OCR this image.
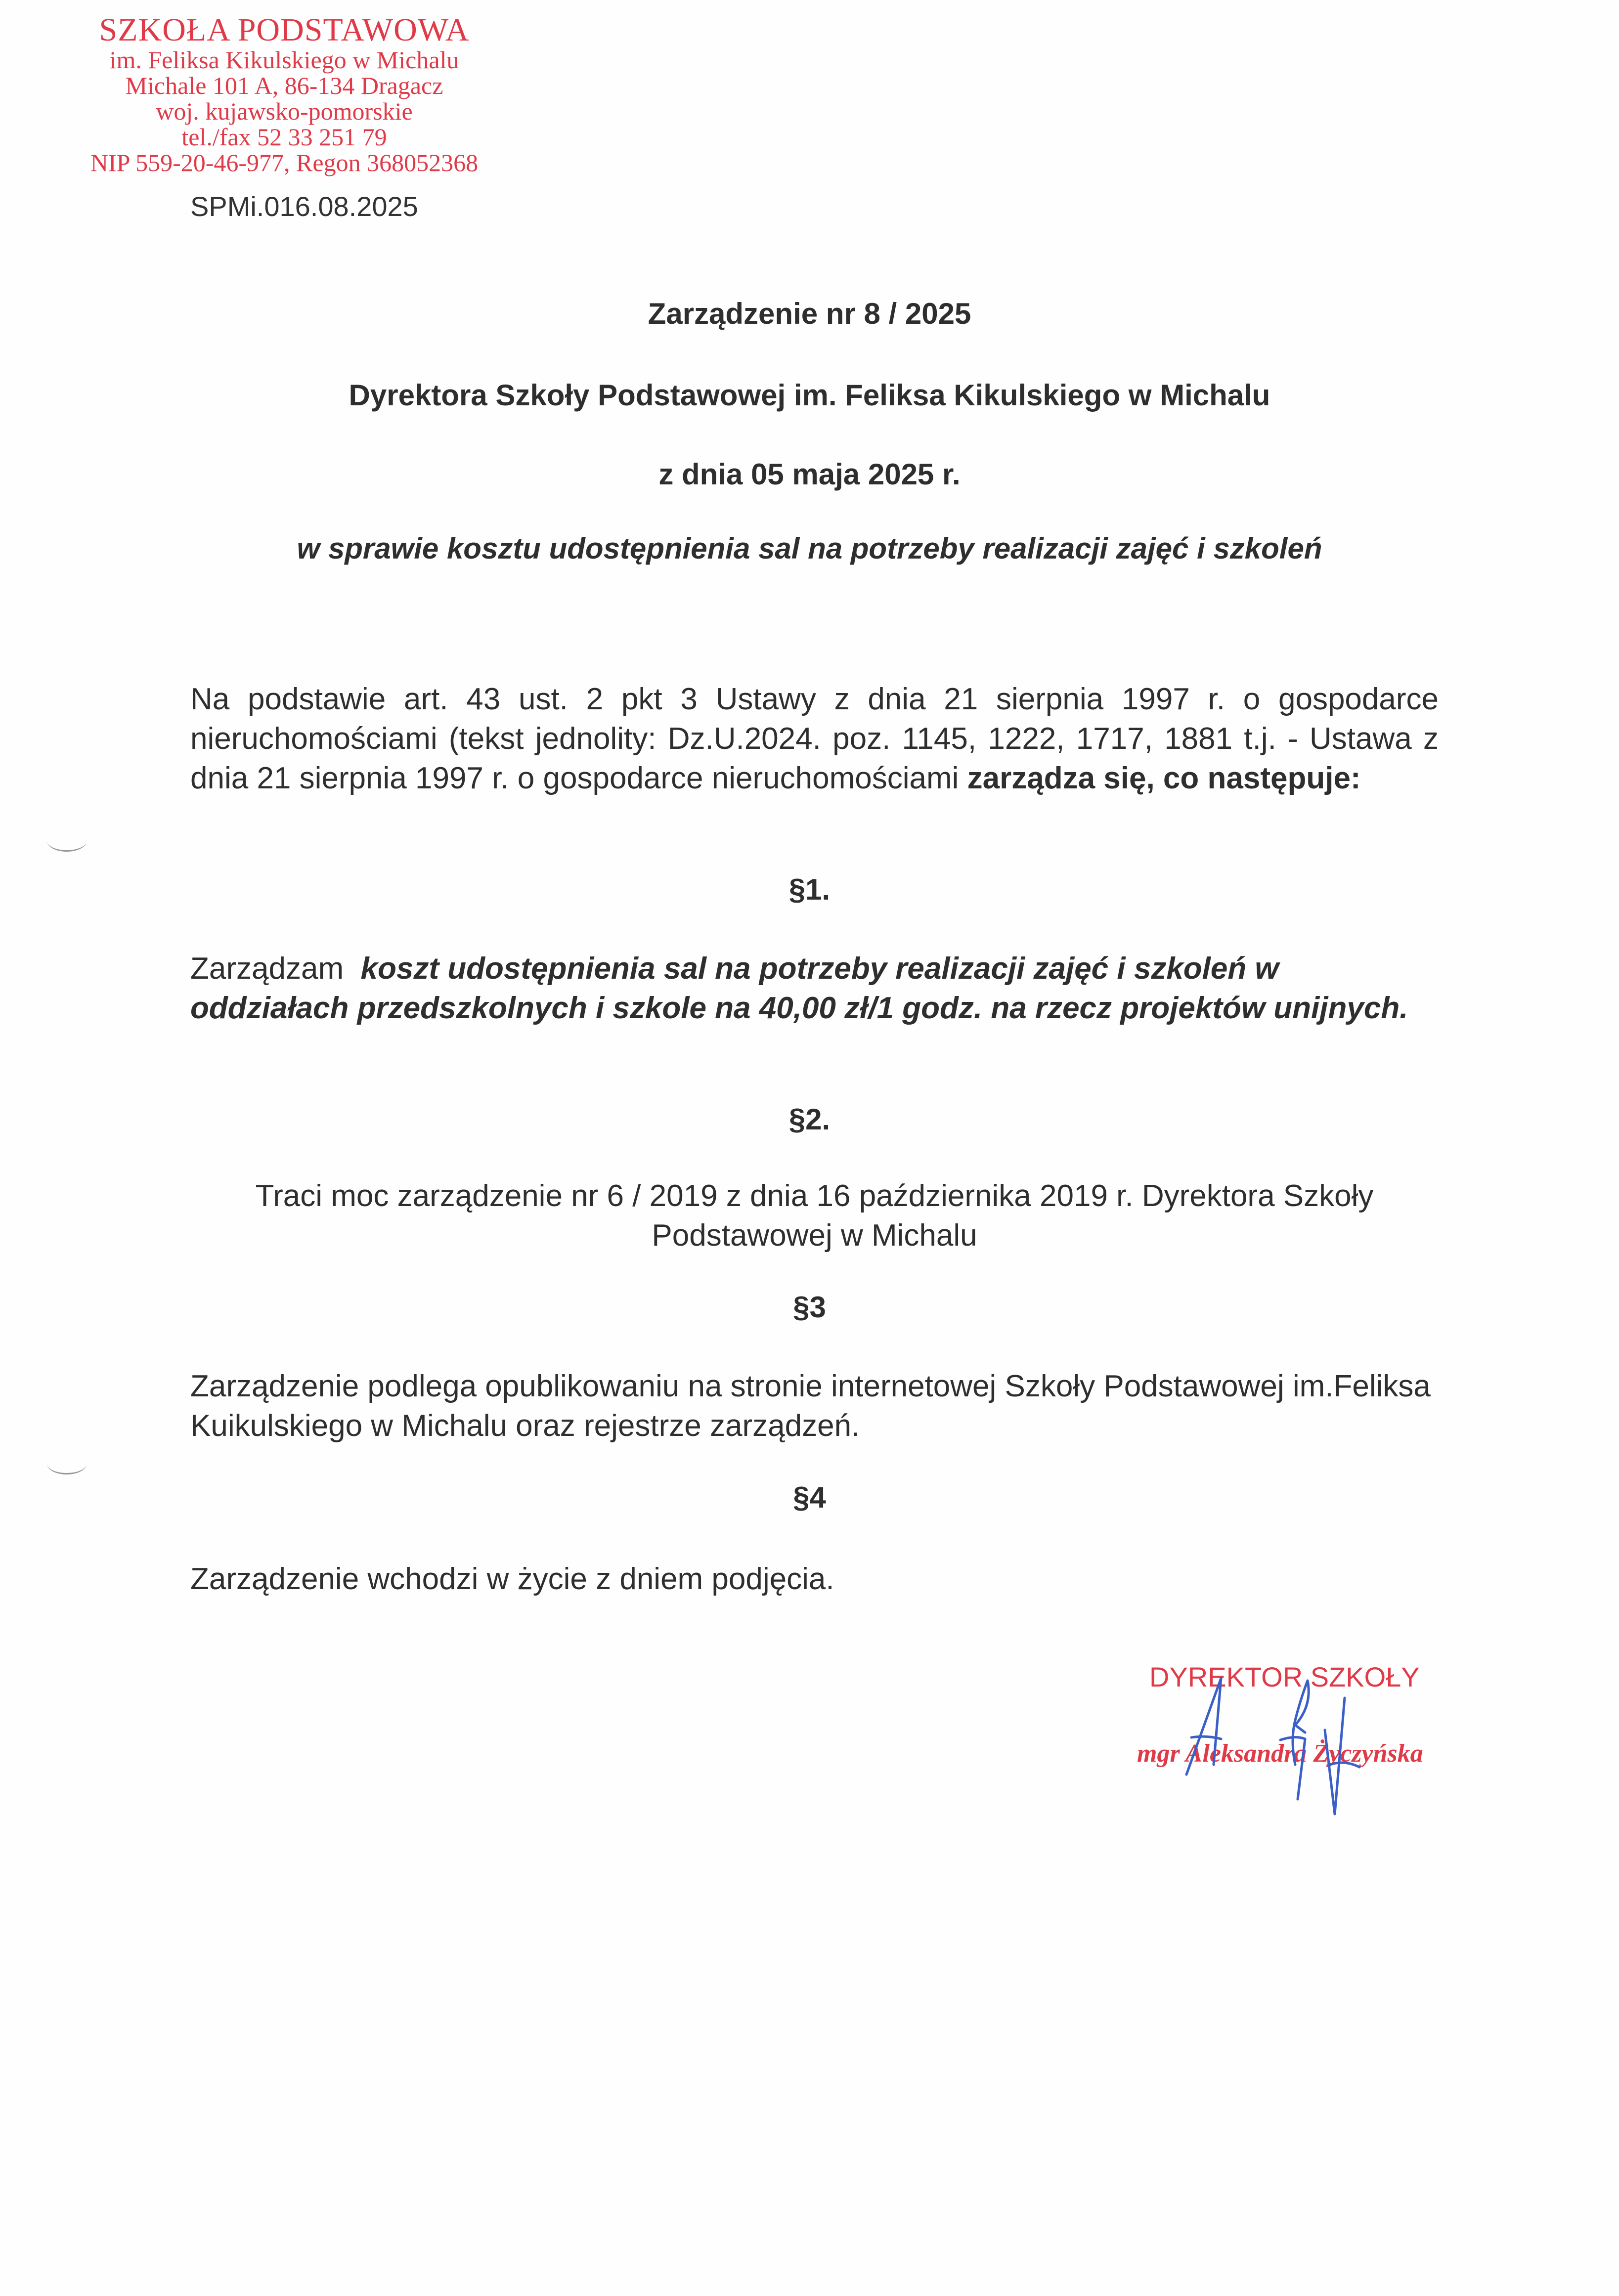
SZKOŁA PODSTAWOWA
im. Feliksa Kikulskiego w Michalu
Michale 101 A, 86-134 Dragacz
woj. kujawsko-pomorskie
tel./fax 52 33 251 79
NIP 559-20-46-977, Regon 368052368
SPMi.016.08.2025
Zarządzenie nr 8 / 2025
Dyrektora Szkoły Podstawowej im. Feliksa Kikulskiego w Michalu
z dnia 05 maja 2025 r.
w sprawie kosztu udostępnienia sal na potrzeby realizacji zajęć i szkoleń
Na podstawie art. 43 ust. 2 pkt 3 Ustawy z dnia 21 sierpnia 1997 r. o gospodarce nieruchomościami (tekst jednolity: Dz.U.2024. poz. 1145, 1222, 1717, 1881 t.j. - Ustawa z dnia 21 sierpnia 1997 r. o gospodarce nieruchomościami zarządza się, co następuje:
§1.
Zarządzam  koszt udostępnienia sal na potrzeby realizacji zajęć i szkoleń w oddziałach przedszkolnych i szkole na 40,00 zł/1 godz. na rzecz projektów unijnych.
§2.
Traci moc zarządzenie nr 6 / 2019 z dnia 16 października 2019 r. Dyrektora Szkoły Podstawowej w Michalu
§3
Zarządzenie podlega opublikowaniu na stronie internetowej Szkoły Podstawowej im.Feliksa Kuikulskiego w Michalu oraz rejestrze zarządzeń.
§4
Zarządzenie wchodzi w życie z dniem podjęcia.
DYREKTOR SZKOŁY
mgr Aleksandra Życzyńska
